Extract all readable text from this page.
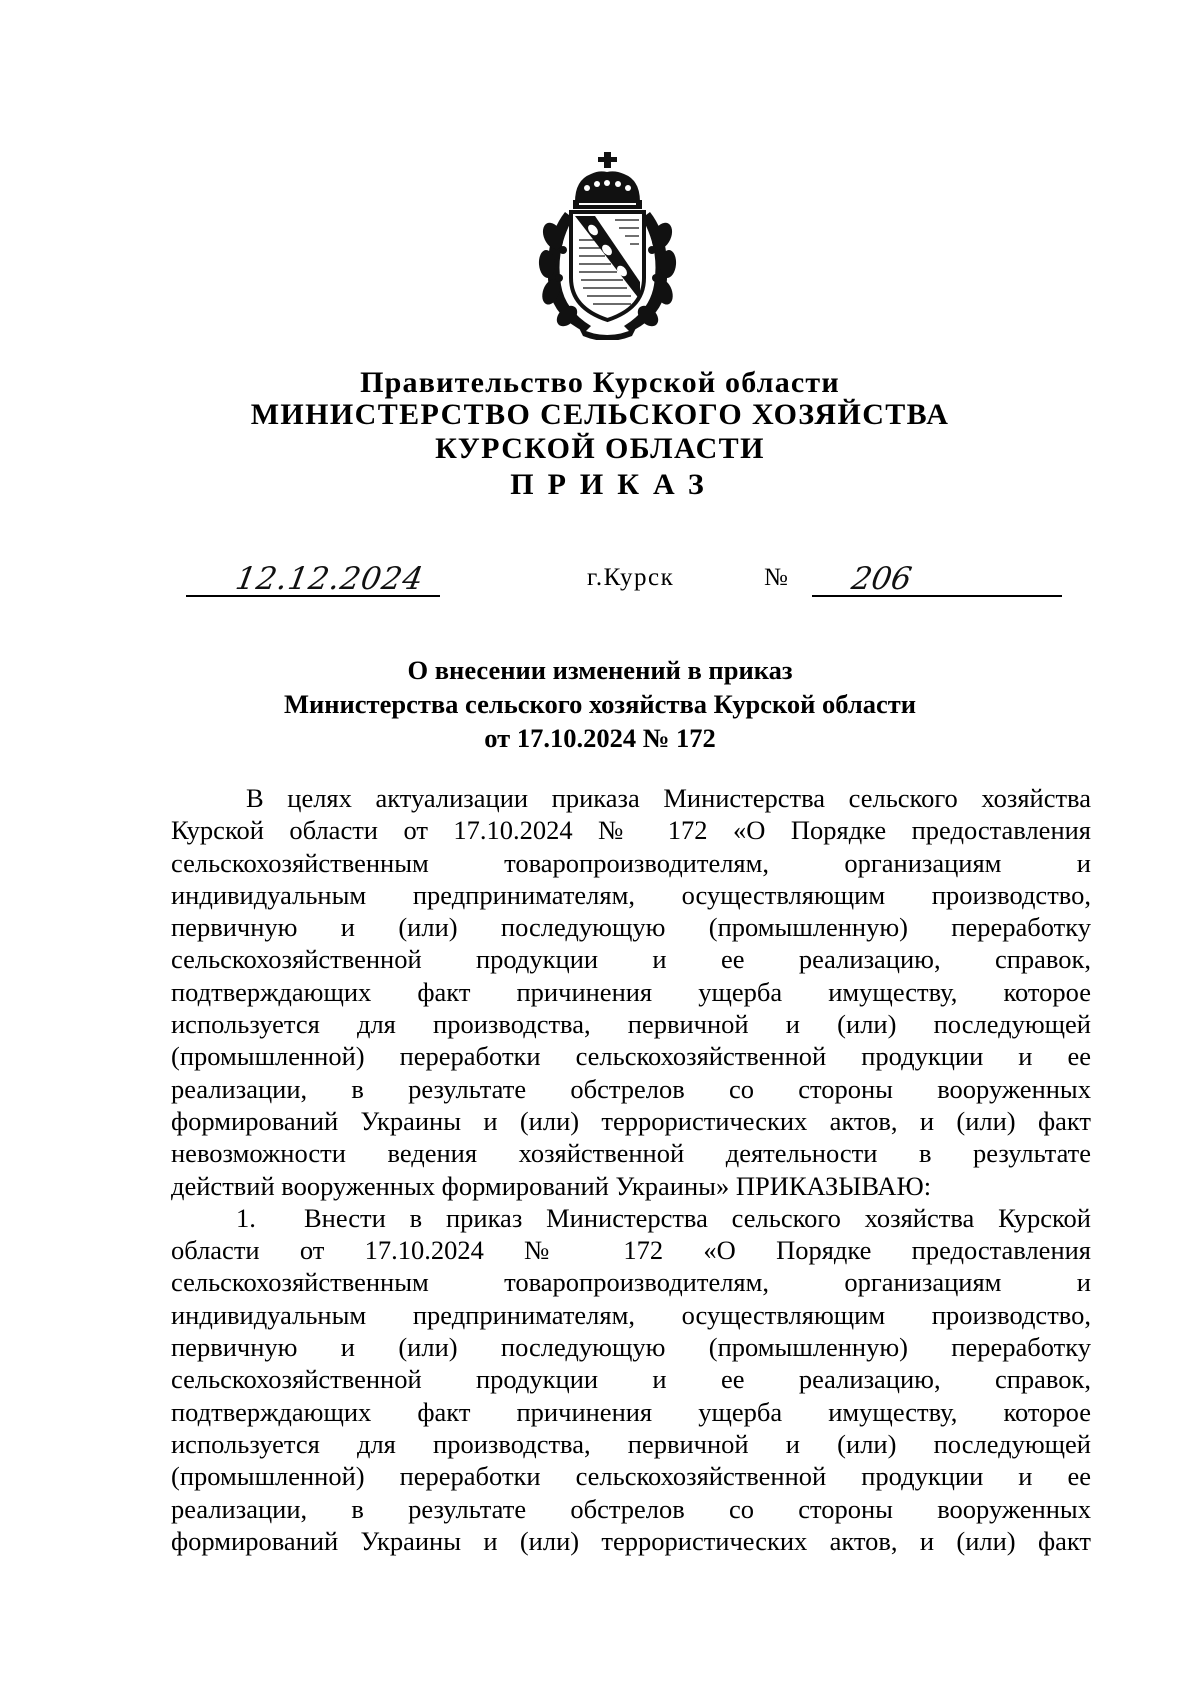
Правительство Курской области
МИНИСТЕРСТВО СЕЛЬСКОГО ХОЗЯЙСТВА
КУРСКОЙ ОБЛАСТИ
ПРИКАЗ
12.12.2024	г.Курск	№ 206
О внесении изменений в приказ
Министерства сельского хозяйства Курской области
от 17.10.2024 № 172
В целях актуализации приказа Министерства сельского хозяйства
Курской области от 17.10.2024 № 172 «О Порядке предоставления
сельскохозяйственным товаропроизводителям, организациям и
индивидуальным предпринимателям, осуществляющим производство,
первичную и (или) последующую (промышленную) переработку
сельскохозяйственной продукции и ее реализацию, справок,
подтверждающих факт причинения ущерба имуществу, которое
используется для производства, первичной и (или) последующей
(промышленной) переработки сельскохозяйственной продукции и ее
реализации, в результате обстрелов со стороны вооруженных
формирований Украины и (или) террористических актов, и (или) факт
невозможности ведения хозяйственной деятельности в результате
действий вооруженных формирований Украины» ПРИКАЗЫВАЮ:
1. Внести в приказ Министерства сельского хозяйства Курской
области от 17.10.2024 № 172 «О Порядке предоставления
сельскохозяйственным товаропроизводителям, организациям и
индивидуальным предпринимателям, осуществляющим производство,
первичную и (или) последующую (промышленную) переработку
сельскохозяйственной продукции и ее реализацию, справок,
подтверждающих факт причинения ущерба имуществу, которое
используется для производства, первичной и (или) последующей
(промышленной) переработки сельскохозяйственной продукции и ее
реализации, в результате обстрелов со стороны вооруженных
формирований Украины и (или) террористических актов, и (или) факт
